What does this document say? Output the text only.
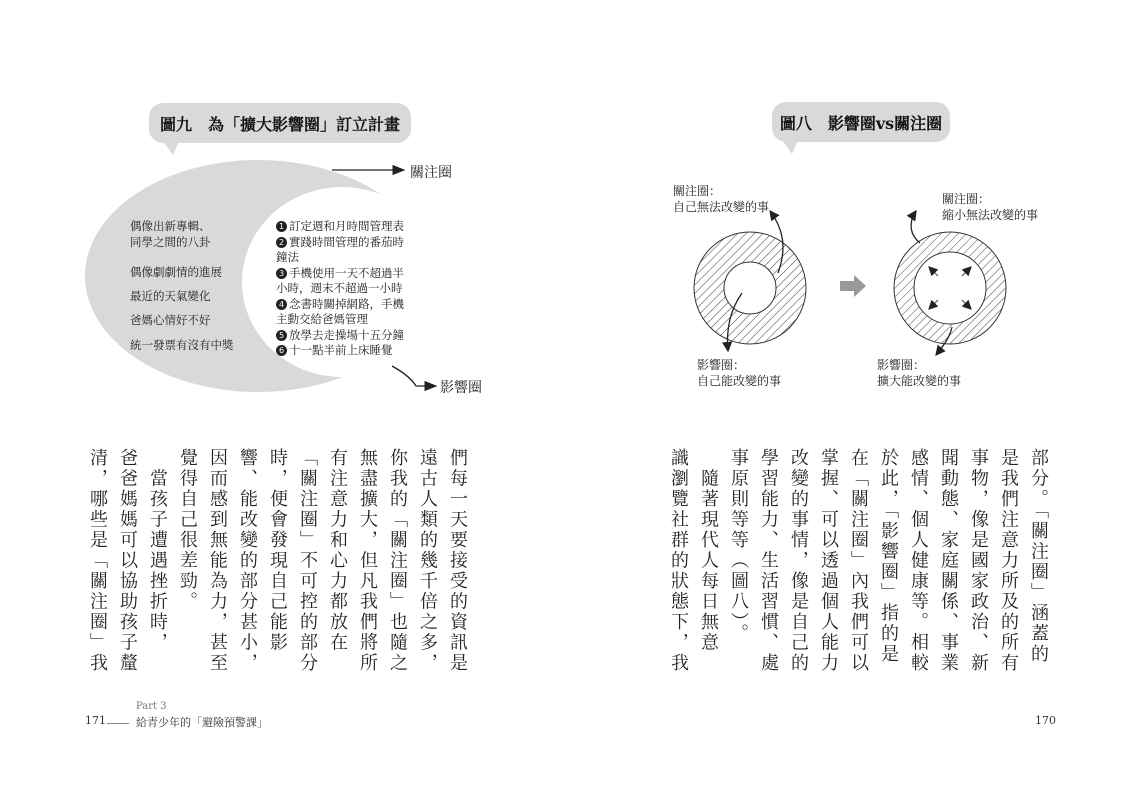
圖九　為「擴大影響圈」訂立計畫
關注圈
影響圈
偶像出新專輯、
同學之間的八卦
偶像劇劇情的進展
最近的天氣變化
爸媽心情好不好
統一發票有沒有中獎
1 訂定週和月時間管理表
2 實踐時間管理的番茄時
鐘法
3 手機使用一天不超過半
小時，週末不超過一小時
4 念書時關掉網路，手機
主動交給爸媽管理
5 放學去走操場十五分鐘
6 十一點半前上床睡覺

們每一天要接受的資訊是

遠古人類的幾千倍之多，

你我的「關注圈」也隨之

無盡擴大，但凡我們將所

有注意力和心力都放在

「關注圈」不可控的部分

時，便會發現自己能影

響、能改變的部分甚小，

因而感到無能為力，甚至

覺得自己很差勁。

　當孩子遭遇挫折時，

爸爸媽媽可以協助孩子釐

清，哪些是「關注圈」我

Part 3
171	給青少年的「避險預警課」
圖八　影響圈vs關注圈
關注圈：
自己無法改變的事
影響圈：
自己能改變的事
關注圈：
縮小無法改變的事
影響圈：
擴大能改變的事

部分。「關注圈」涵蓋的

是我們注意力所及的所有

事物，像是國家政治、新

聞動態、家庭關係、事業

感情、個人健康等。相較

於此，「影響圈」指的是

在「關注圈」內我們可以

掌握、可以透過個人能力

改變的事情，像是自己的

學習能力、生活習慣、處

事原則等等（圖八）。

　隨著現代人每日無意

識瀏覽社群的狀態下，我

170
